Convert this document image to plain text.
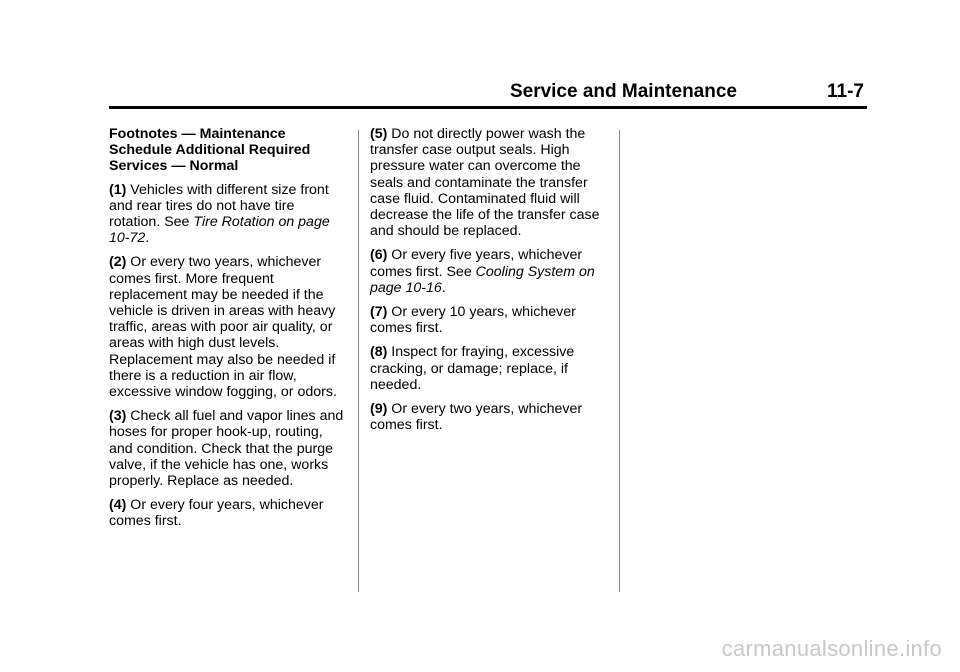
Service and Maintenance	11-7

Footnotes — Maintenance Schedule Additional Required Services — Normal

(1) Vehicles with different size front and rear tires do not have tire rotation. See Tire Rotation on page 10-72.

(2) Or every two years, whichever comes first. More frequent replacement may be needed if the vehicle is driven in areas with heavy traffic, areas with poor air quality, or areas with high dust levels. Replacement may also be needed if there is a reduction in air flow, excessive window fogging, or odors.

(3) Check all fuel and vapor lines and hoses for proper hook-up, routing, and condition. Check that the purge valve, if the vehicle has one, works properly. Replace as needed.

(4) Or every four years, whichever comes first.

(5) Do not directly power wash the transfer case output seals. High pressure water can overcome the seals and contaminate the transfer case fluid. Contaminated fluid will decrease the life of the transfer case and should be replaced.

(6) Or every five years, whichever comes first. See Cooling System on page 10-16.

(7) Or every 10 years, whichever comes first.

(8) Inspect for fraying, excessive cracking, or damage; replace, if needed.

(9) Or every two years, whichever comes first.

carmanualsonline.info
